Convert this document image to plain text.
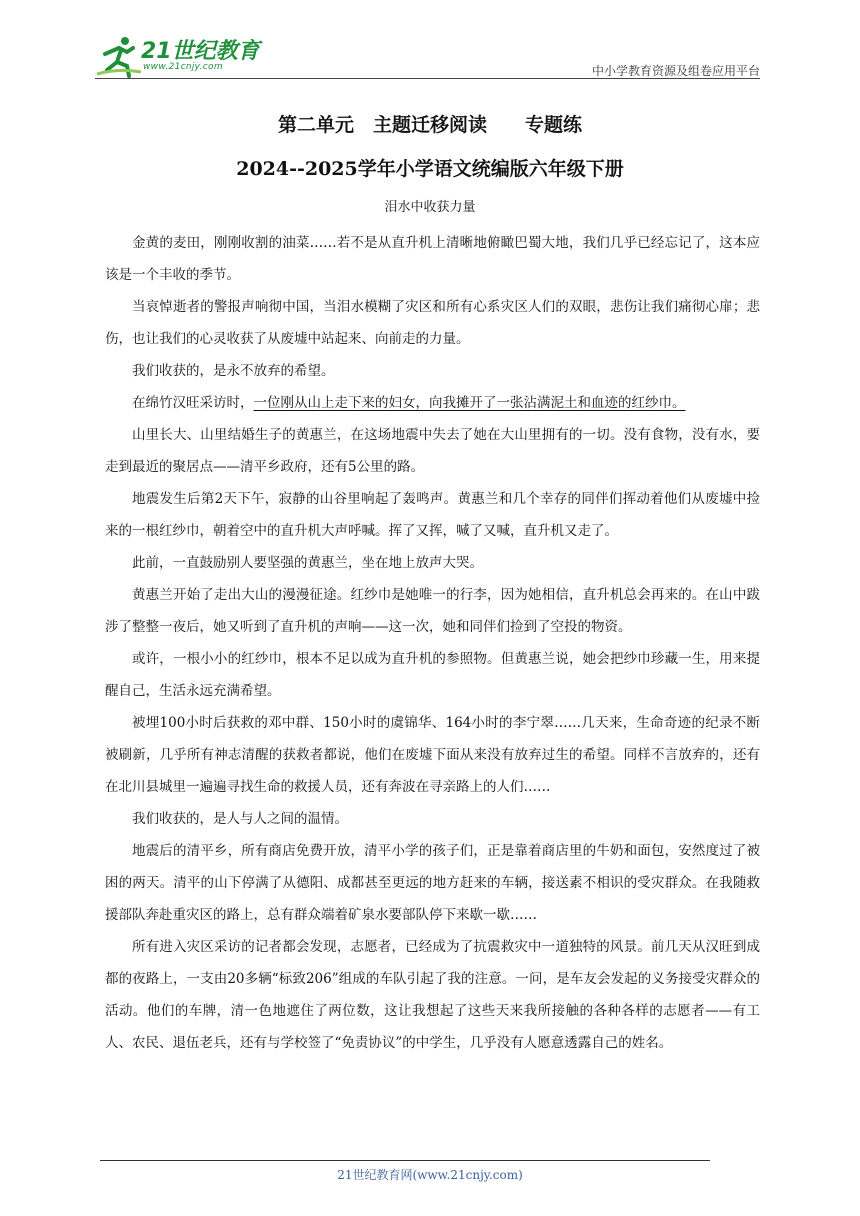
21世纪教育
www.21cnjy.com	中小学教育资源及组卷应用平台
第二单元　主题迁移阅读　　专题练
2024--2025学年小学语文统编版六年级下册
泪水中收获力量

金黄的麦田，刚刚收割的油菜……若不是从直升机上清晰地俯瞰巴蜀大地，我们几乎已经忘记了，这本应该是一个丰收的季节。

当哀悼逝者的警报声响彻中国，当泪水模糊了灾区和所有心系灾区人们的双眼，悲伤让我们痛彻心扉；悲伤，也让我们的心灵收获了从废墟中站起来、向前走的力量。

我们收获的，是永不放弃的希望。

在绵竹汉旺采访时，一位刚从山上走下来的妇女，向我摊开了一张沾满泥土和血迹的红纱巾。

山里长大、山里结婚生子的黄惠兰，在这场地震中失去了她在大山里拥有的一切。没有食物，没有水，要走到最近的聚居点——清平乡政府，还有5公里的路。

地震发生后第2天下午，寂静的山谷里响起了轰鸣声。黄惠兰和几个幸存的同伴们挥动着他们从废墟中捡来的一根红纱巾，朝着空中的直升机大声呼喊。挥了又挥，喊了又喊，直升机又走了。

此前，一直鼓励别人要坚强的黄惠兰，坐在地上放声大哭。

黄惠兰开始了走出大山的漫漫征途。红纱巾是她唯一的行李，因为她相信，直升机总会再来的。在山中跋涉了整整一夜后，她又听到了直升机的声响——这一次，她和同伴们捡到了空投的物资。

或许，一根小小的红纱巾，根本不足以成为直升机的参照物。但黄惠兰说，她会把纱巾珍藏一生，用来提醒自己，生活永远充满希望。

被埋100小时后获救的邓中群、150小时的虞锦华、164小时的李宁翠……几天来，生命奇迹的纪录不断被刷新，几乎所有神志清醒的获救者都说，他们在废墟下面从来没有放弃过生的希望。同样不言放弃的，还有在北川县城里一遍遍寻找生命的救援人员，还有奔波在寻亲路上的人们……

我们收获的，是人与人之间的温情。

地震后的清平乡，所有商店免费开放，清平小学的孩子们，正是靠着商店里的牛奶和面包，安然度过了被困的两天。清平的山下停满了从德阳、成都甚至更远的地方赶来的车辆，接送素不相识的受灾群众。在我随救援部队奔赴重灾区的路上，总有群众端着矿泉水要部队停下来歇一歇……

所有进入灾区采访的记者都会发现，志愿者，已经成为了抗震救灾中一道独特的风景。前几天从汉旺到成都的夜路上，一支由20多辆“标致206”组成的车队引起了我的注意。一问，是车友会发起的义务接受灾群众的活动。他们的车牌，清一色地遮住了两位数，这让我想起了这些天来我所接触的各种各样的志愿者——有工人、农民、退伍老兵，还有与学校签了“免责协议”的中学生，几乎没有人愿意透露自己的姓名。

21世纪教育网(www.21cnjy.com)
